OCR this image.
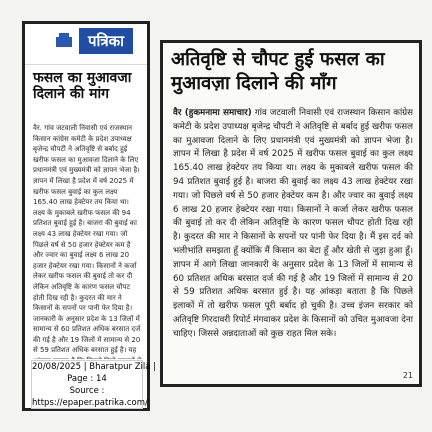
पत्रिका
फसल का मुआवजा दिलाने की मांग
वैर. गांव जटवाली निवासी एवं राजस्थान किसान कांग्रेस कमेटी के प्रदेश उपाध्यक्ष बृजेन्द्र चौपटी ने अतिवृष्टि से बर्बाद हुई खरीफ फसल का मुआवजा दिलाने के लिए प्रधानमंत्री एवं मुख्यमंत्री को ज्ञापन भेजा है। ज्ञापन में लिखा है प्रदेश में वर्ष 2025 में खरीफ फसल बुवाई का कुल लक्ष्य 165.40 लाख हेक्टेयर तय किया था। लक्ष्य के मुकाबले खरीफ फसल की 94 प्रतिशत बुवाई हुई है। बाजरा की बुवाई का लक्ष्य 43 लाख हेक्टेयर रखा गया। जो पिछले वर्ष से 50 हजार हेक्टेयर कम है और ज्वार का बुवाई लक्ष्य 6 लाख 20 हजार हेक्टेयर रखा गया। किसानों ने कर्जा लेकर खरीफ फसल की बुवाई तो कर दी लेकिन अतिवृष्टि के कारण फसल चौपट होती दिख रही है। कुदरत की मार ने किसानों के सपनों पर पानी फेर दिया है। जानकारी के अनुसार प्रदेश के 13 जिलों में सामान्य से 60 प्रतिशत अधिक बरसात दर्ज की गई है और 19 जिलों में सामान्य से 20 से 59 प्रतिशत अधिक बरसात हुई है। यह
20/08/2025 | Bharatpur Zila |
Page : 14
Source :
https://epaper.patrika.com/
अतिवृष्टि से चौपट हुई फसल का मुआवज़ा दिलाने की माँग
वैर (हुकमनामा समाचार) गांव जटवाली निवासी एवं राजस्थान किसान कांग्रेस कमेटी के प्रदेश उपाध्यक्ष बृजेन्द्र चौपटी ने अतिवृष्टि से बर्बाद हुई खरीफ फसल का मुआवजा दिलाने के लिए प्रधानमंत्री एवं मुख्यमंत्री को ज्ञापन भेजा है। ज्ञापन में लिखा है प्रदेश में वर्ष 2025 में खरीफ फसल बुवाई का कुल लक्ष्य 165.40 लाख हेक्टेयर तय किया था। लक्ष्य के मुकाबले खरीफ फसल की 94 प्रतिशत बुवाई हुई है। बाजरा की बुवाई का लक्ष्य 43 लाख हेक्टेयर रखा गया। जो पिछले वर्ष से 50 हजार हेक्टेयर कम है। और ज्वार का बुवाई लक्ष्य 6 लाख 20 हजार हेक्टेयर रखा गया। किसानों ने कर्जा लेकर खरीफ फसल की बुवाई तो कर दी लेकिन अतिवृष्टि के कारण फसल चौपट होती दिख रही है। कुदरत की मार ने किसानों के सपनों पर पानी फेर दिया है। मैं इस दर्द को भलीभांति समझता हूँ क्योंकि मैं किसान का बेटा हूँ और खेती से जुड़ा हुआ हूँ। ज्ञापन में आगे लिखा जानकारी के अनुसार प्रदेश के 13 जिलों में सामान्य से 60 प्रतिशत अधिक बरसात दर्ज की गई है और 19 जिलों में सामान्य से 20 से 59 प्रतिशत अधिक बरसात हुई है। यह आंकड़ा बताता है कि पिछले इलाकों में तो खरीफ फसल पूरी बर्बाद हो चुकी है। उच्च इंजन सरकार को अतिवृष्टि गिरदावरी रिपोर्ट मंगवाकर प्रदेश के किसानों को उचित मुआवजा देना चाहिए। जिससे अन्नदाताओं को कुछ राहत मिल सके।
21
